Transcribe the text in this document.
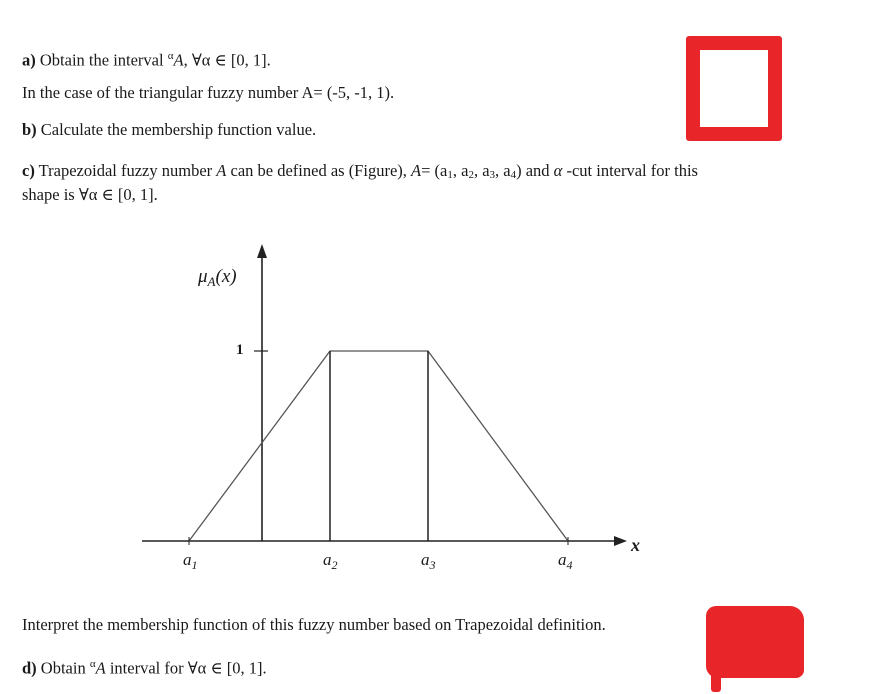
a) Obtain the interval $^\alpha$A, ∀α ∈ [0, 1].
In the case of the triangular fuzzy number A= (-5, -1, 1).
b) Calculate the membership function value.
c) Trapezoidal fuzzy number A can be defined as (Figure), $A= (a_1$, $a_2$, $a_3$, $a_4$) and α -cut interval for this
shape is ∀α ∈ [0, 1].
$\mu_A(x)$
1
x
$a_1$	$a_2$	$a_3$	$a_4$
Interpret the membership function of this fuzzy number based on Trapezoidal definition.
d) Obtain $^\alpha$A interval for ∀α ∈ [0, 1].
